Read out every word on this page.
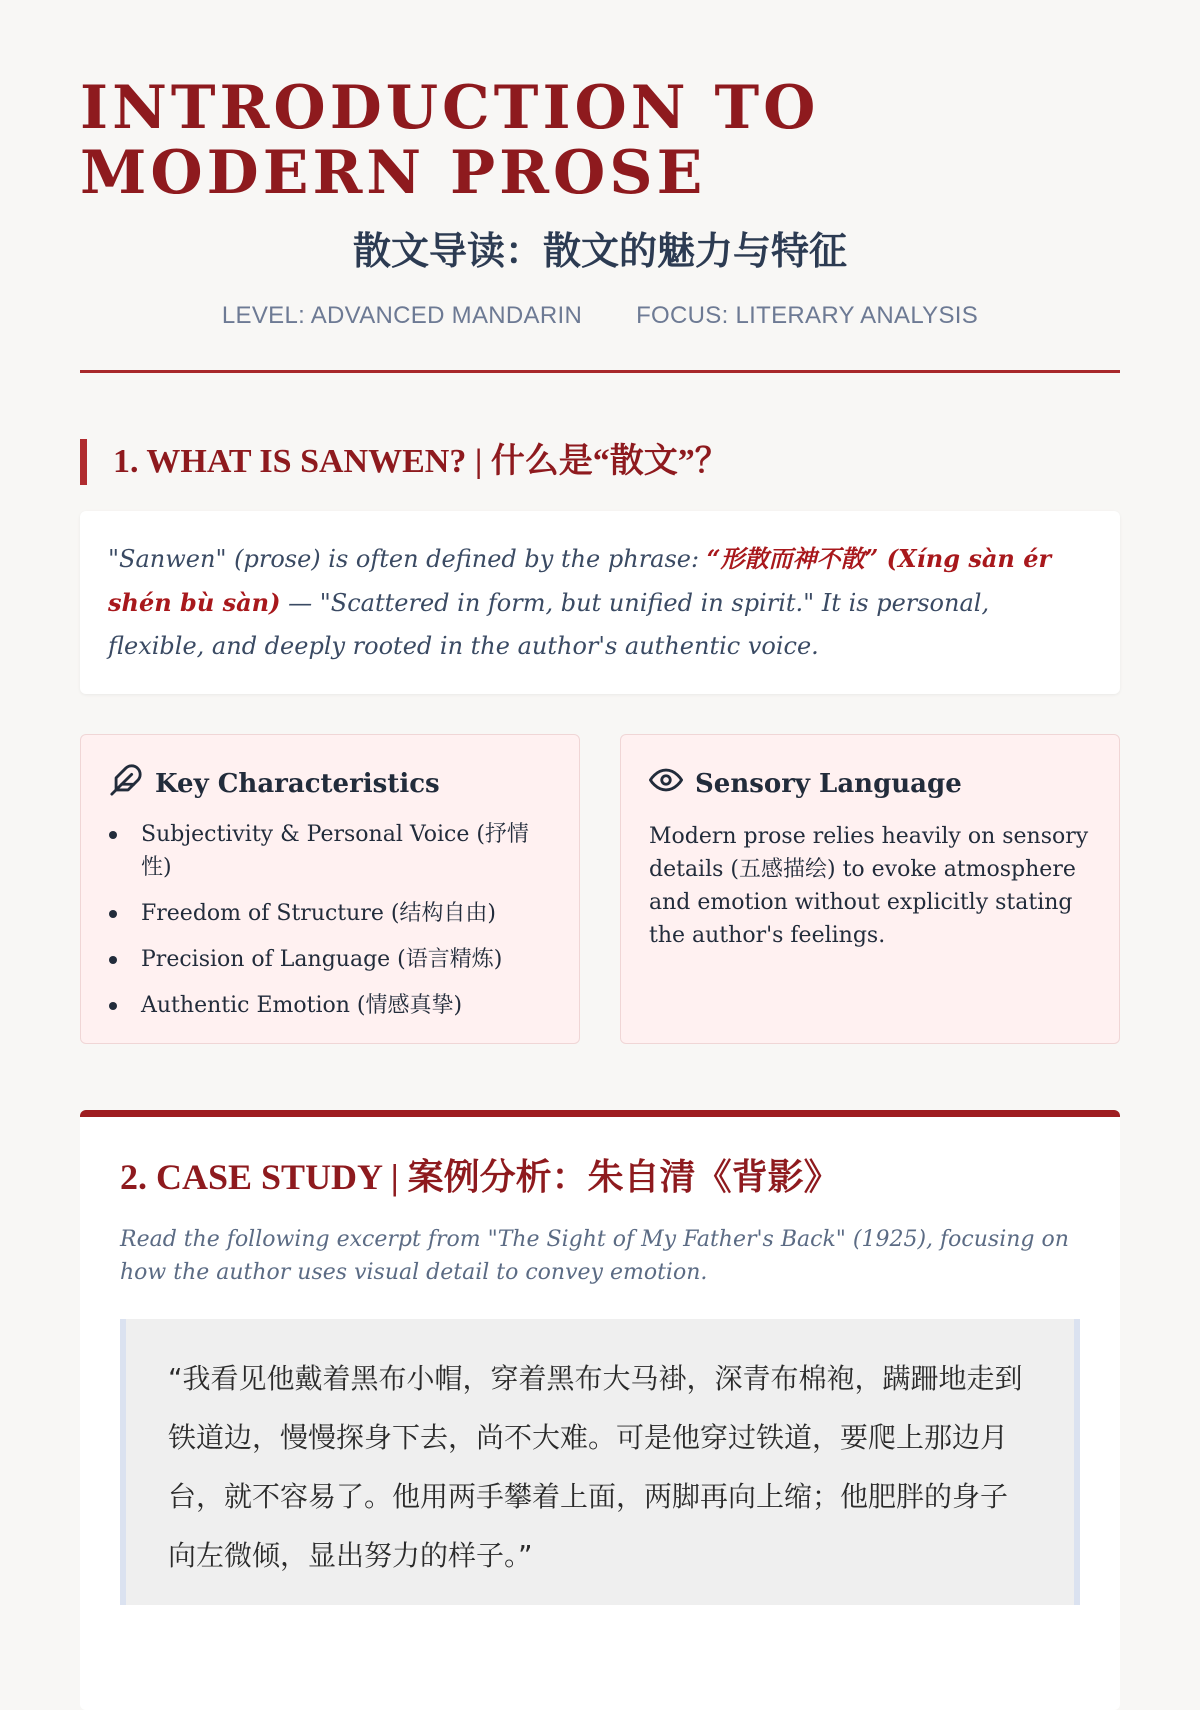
INTRODUCTION TO MODERN PROSE
散文导读：散文的魅力与特征
LEVEL: ADVANCED MANDARIN FOCUS: LITERARY ANALYSIS
1. WHAT IS SANWEN? | 什么是“散文”？
"Sanwen" (prose) is often defined by the phrase: “形散而神不散” (Xíng sàn ér shén bù sàn) — "Scattered in form, but unified in spirit." It is personal, flexible, and deeply rooted in the author's authentic voice.
Key Characteristics
Subjectivity & Personal Voice (抒情性)
Freedom of Structure (结构自由)
Precision of Language (语言精炼)
Authentic Emotion (情感真挚)
Sensory Language

Modern prose relies heavily on sensory details (五感描绘) to evoke atmosphere and emotion without explicitly stating the author's feelings.

2. CASE STUDY | 案例分析：朱自清《背影》
Read the following excerpt from "The Sight of My Father's Back" (1925), focusing on how the author uses visual detail to convey emotion.
“我看见他戴着黑布小帽，穿着黑布大马褂，深青布棉袍，蹒跚地走到铁道边，慢慢探身下去，尚不大难。可是他穿过铁道，要爬上那边月台，就不容易了。他用两手攀着上面，两脚再向上缩；他肥胖的身子向左微倾，显出努力的样子。”
